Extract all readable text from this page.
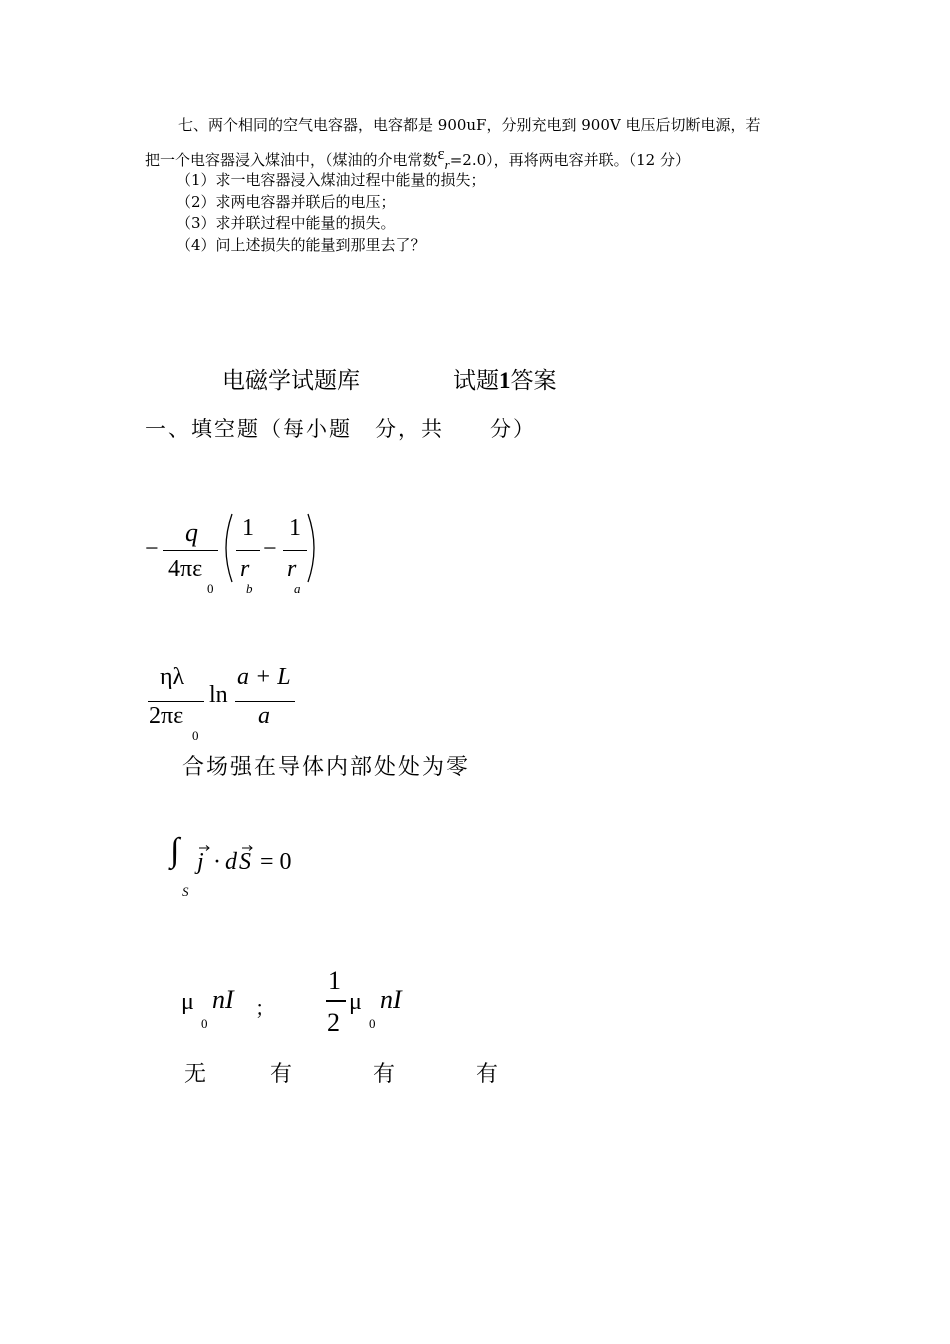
七、两个相同的空气电容器，电容都是 900uF，分别充电到 900V 电压后切断电源，若
把一个电容器浸入煤油中，（煤油的介电常数εr=2.0），再将两电容并联。（12 分）
（1）求一电容器浸入煤油过程中能量的损失；
（2）求两电容器并联后的电压；
（3）求并联过程中能量的损失。
（4）问上述损失的能量到那里去了？
电磁学试题库	试题1答案
一、填空题（每小题　分，共　　分）
−
q
4πε
0
1
r
b
−
1
r
a
ηλ
2πε
0
ln
a + L
a
合场强在导体内部处处为零
∫
S
j · d S = 0
μ
0
nI ；
1
2
μ
0
nI
无	有	有	有
